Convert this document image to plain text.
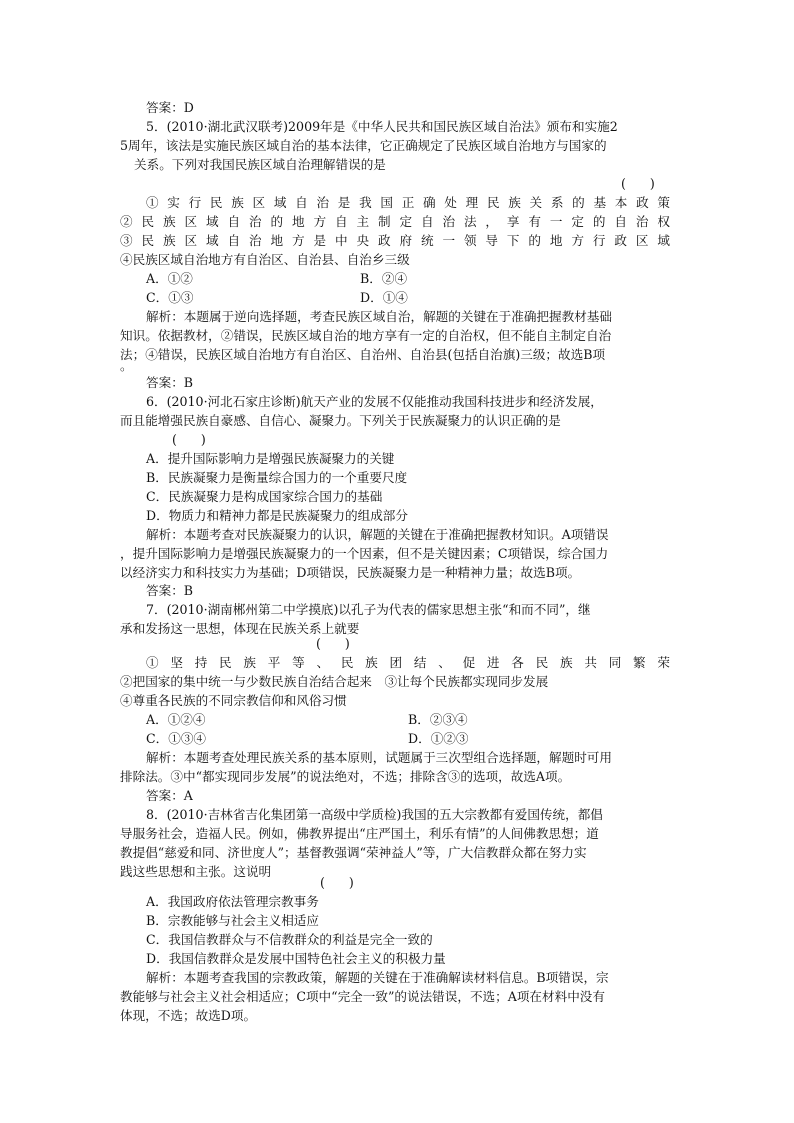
答案：D
5．(2010·湖北武汉联考)2009年是《中华人民共和国民族区域自治法》颁布和实施2
5周年，该法是实施民族区域自治的基本法律，它正确规定了民族区域自治地方与国家的
关系。下列对我国民族区域自治理解错误的是
(      )
①实行民族区域自治是我国正确处理民族关系的基本政策
②民族区域自治的地方自主制定自治法，享有一定的自治权
③民族区域自治地方是中央政府统一领导下的地方行政区域
④民族区域自治地方有自治区、自治县、自治乡三级
A．①②	B．②④
C．①③	D．①④
解析：本题属于逆向选择题，考查民族区域自治，解题的关键在于准确把握教材基础
知识。依据教材，②错误，民族区域自治的地方享有一定的自治权，但不能自主制定自治
法；④错误，民族区域自治地方有自治区、自治州、自治县(包括自治旗)三级；故选B项
。
答案：B
6．(2010·河北石家庄诊断)航天产业的发展不仅能推动我国科技进步和经济发展，
而且能增强民族自豪感、自信心、凝聚力。下列关于民族凝聚力的认识正确的是
(      )
A．提升国际影响力是增强民族凝聚力的关键
B．民族凝聚力是衡量综合国力的一个重要尺度
C．民族凝聚力是构成国家综合国力的基础
D．物质力和精神力都是民族凝聚力的组成部分
解析：本题考查对民族凝聚力的认识，解题的关键在于准确把握教材知识。A项错误
，提升国际影响力是增强民族凝聚力的一个因素，但不是关键因素；C项错误，综合国力
以经济实力和科技实力为基础；D项错误，民族凝聚力是一种精神力量；故选B项。
答案：B
7．(2010·湖南郴州第二中学摸底)以孔子为代表的儒家思想主张“和而不同”，继
承和发扬这一思想，体现在民族关系上就要
(      )
①坚持民族平等、民族团结、促进各民族共同繁荣
②把国家的集中统一与少数民族自治结合起来　③让每个民族都实现同步发展
④尊重各民族的不同宗教信仰和风俗习惯
A．①②④	B．②③④
C．①③④	D．①②③
解析：本题考查处理民族关系的基本原则，试题属于三次型组合选择题，解题时可用
排除法。③中“都实现同步发展”的说法绝对，不选；排除含③的选项，故选A项。
答案：A
8．(2010·吉林省吉化集团第一高级中学质检)我国的五大宗教都有爱国传统，都倡
导服务社会，造福人民。例如，佛教界提出“庄严国土，利乐有情”的人间佛教思想；道
教提倡“慈爱和同、济世度人”；基督教强调“荣神益人”等，广大信教群众都在努力实
践这些思想和主张。这说明
(      )
A．我国政府依法管理宗教事务
B．宗教能够与社会主义相适应
C．我国信教群众与不信教群众的利益是完全一致的
D．我国信教群众是发展中国特色社会主义的积极力量
解析：本题考查我国的宗教政策，解题的关键在于准确解读材料信息。B项错误，宗
教能够与社会主义社会相适应；C项中“完全一致”的说法错误，不选；A项在材料中没有
体现，不选；故选D项。
